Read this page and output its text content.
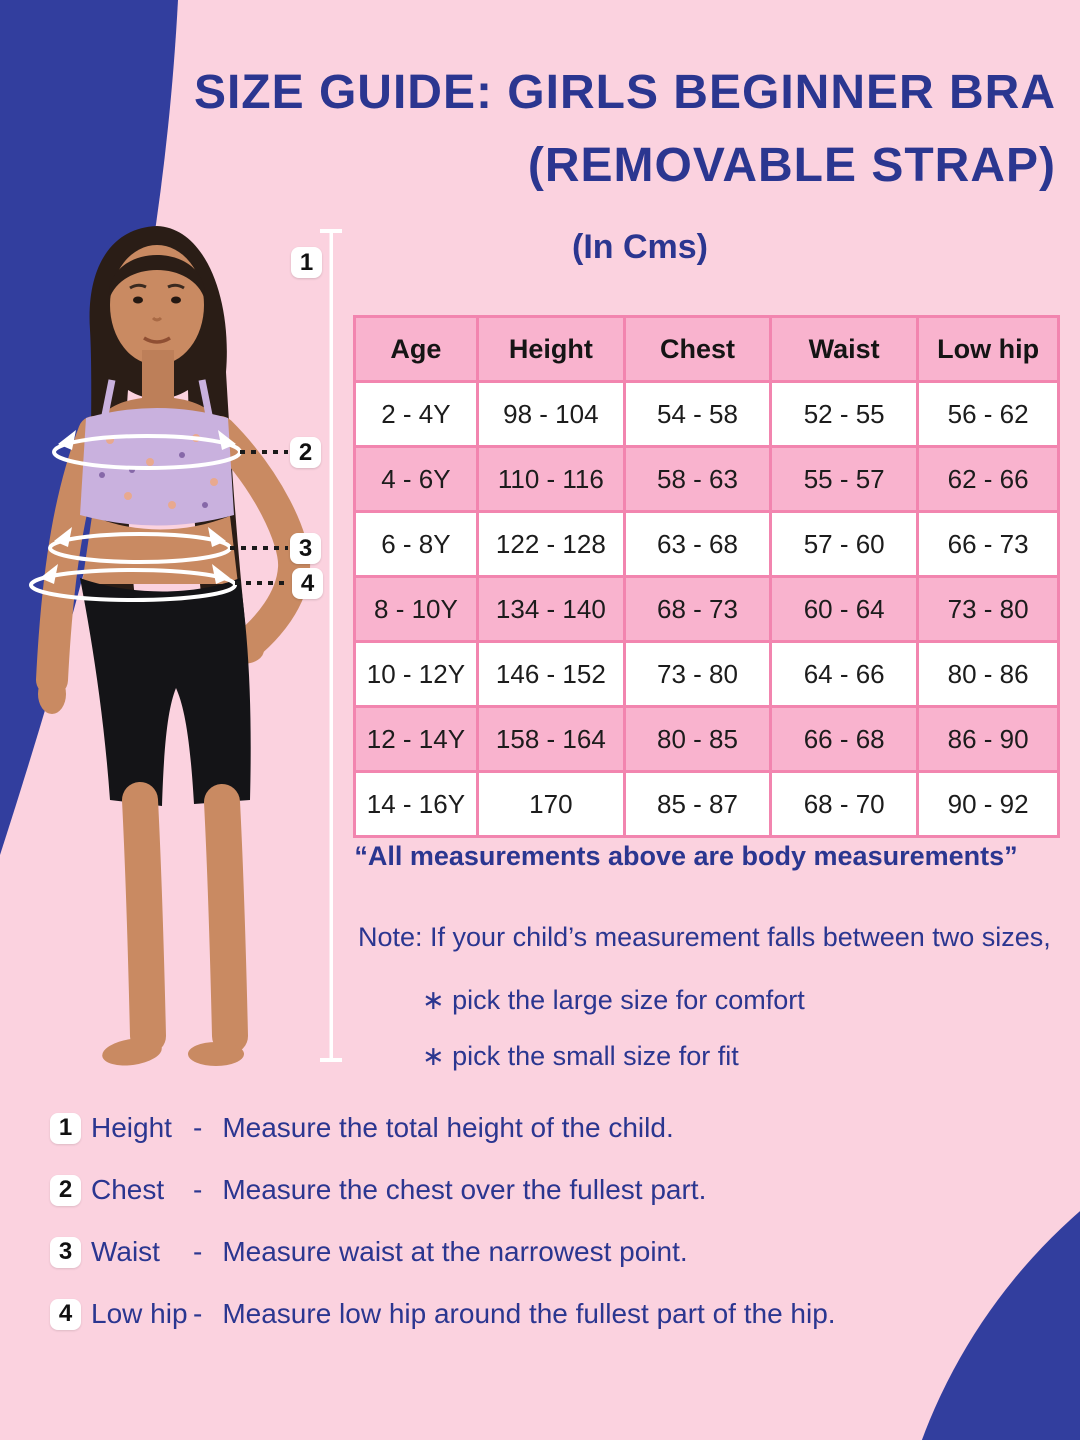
SIZE GUIDE: GIRLS BEGINNER BRA
(REMOVABLE STRAP)
(In Cms)
Age	Height	Chest	Waist	Low hip
2 - 4Y	98 - 104	54 - 58	52 - 55	56 - 62
4 - 6Y	110 - 116	58 - 63	55 - 57	62 - 66
6 - 8Y	122 - 128	63 - 68	57 - 60	66 - 73
8 - 10Y	134 - 140	68 - 73	60 - 64	73 - 80
10 - 12Y	146 - 152	73 - 80	64 - 66	80 - 86
12 - 14Y	158 - 164	80 - 85	66 - 68	86 - 90
14 - 16Y	170	85 - 87	68 - 70	90 - 92
“All measurements above are body measurements”
Note: If your child’s measurement falls between two sizes,
∗ pick the large size for comfort
∗ pick the small size for fit
1
2
3
4
1 Height - Measure the total height of the child.
2 Chest	- Measure the chest over the fullest part.
3 Waist	- Measure waist at the narrowest point.
4 Low hip - Measure low hip around the fullest part of the hip.
